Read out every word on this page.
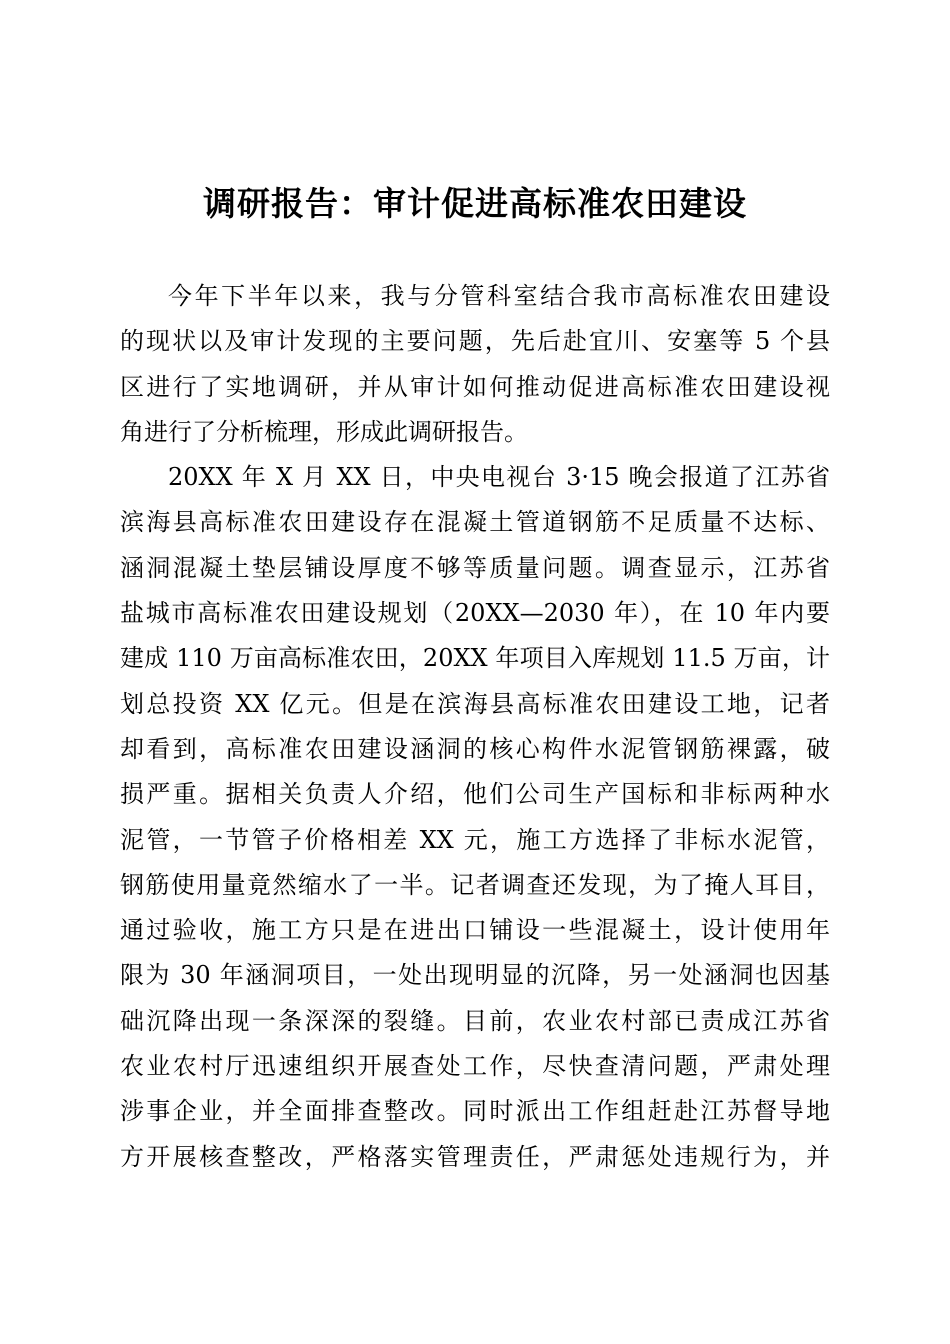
调研报告：审计促进高标准农田建设
今年下半年以来，我与分管科室结合我市高标准农田建设
的现状以及审计发现的主要问题，先后赴宜川、安塞等 5 个县
区进行了实地调研，并从审计如何推动促进高标准农田建设视
角进行了分析梳理，形成此调研报告。
20XX 年 X 月 XX 日，中央电视台 3·15 晚会报道了江苏省
滨海县高标准农田建设存在混凝土管道钢筋不足质量不达标、
涵洞混凝土垫层铺设厚度不够等质量问题。调查显示，江苏省
盐城市高标准农田建设规划（20XX—2030 年），在 10 年内要
建成 110 万亩高标准农田，20XX 年项目入库规划 11.5 万亩，计
划总投资 XX 亿元。但是在滨海县高标准农田建设工地，记者
却看到，高标准农田建设涵洞的核心构件水泥管钢筋裸露，破
损严重。据相关负责人介绍，他们公司生产国标和非标两种水
泥管，一节管子价格相差 XX 元，施工方选择了非标水泥管，
钢筋使用量竟然缩水了一半。记者调查还发现，为了掩人耳目，
通过验收，施工方只是在进出口铺设一些混凝土，设计使用年
限为 30 年涵洞项目，一处出现明显的沉降，另一处涵洞也因基
础沉降出现一条深深的裂缝。目前，农业农村部已责成江苏省
农业农村厅迅速组织开展查处工作，尽快查清问题，严肃处理
涉事企业，并全面排查整改。同时派出工作组赶赴江苏督导地
方开展核查整改，严格落实管理责任，严肃惩处违规行为，并
